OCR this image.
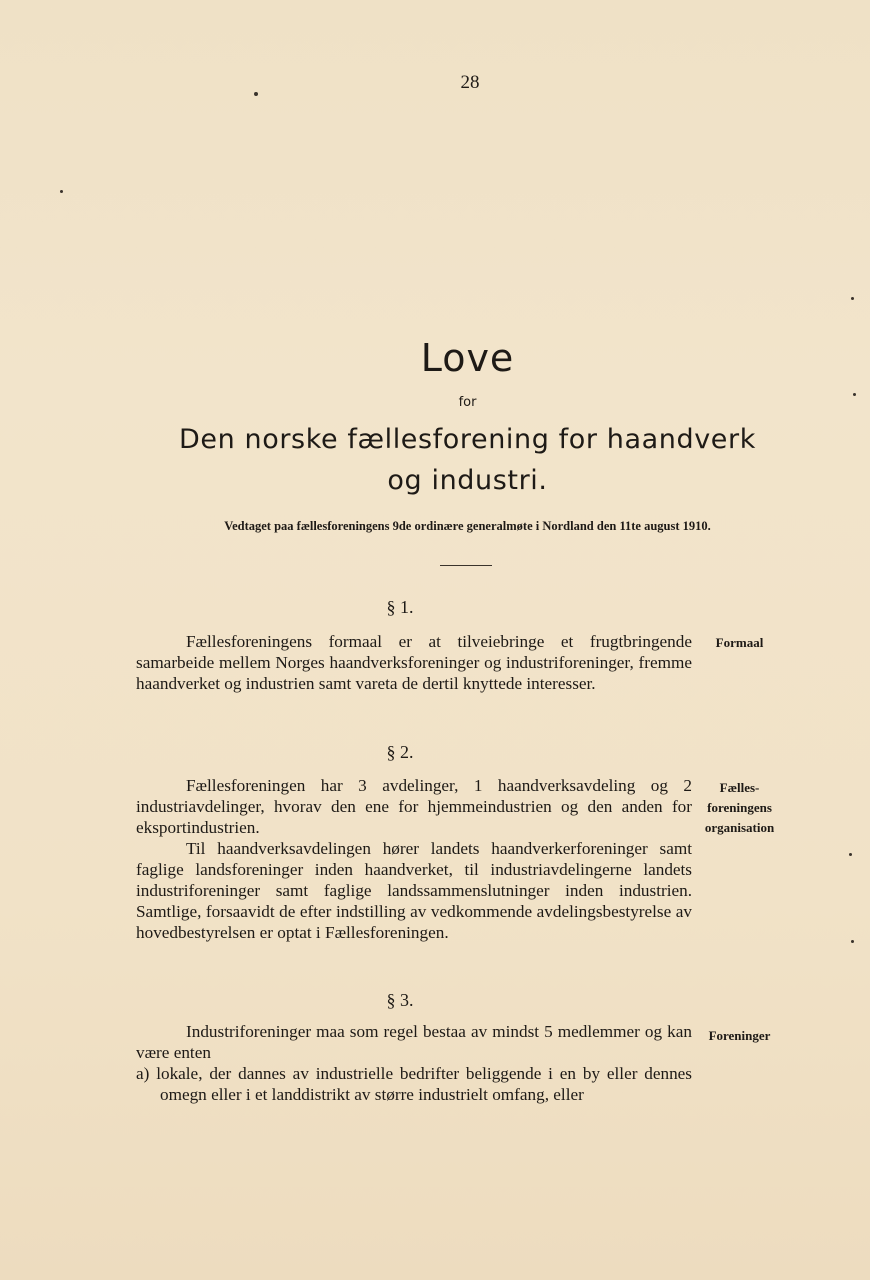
28
Love
for
Den norske fællesforening for haandverk
og industri.
Vedtaget paa fællesforeningens 9de ordinære generalmøte i Nordland den 11te august 1910.
§ 1.

Fællesforeningens formaal er at tilveiebringe et frugtbringende samarbeide mellem Norges haandverksforeninger og industriforeninger, fremme haandverket og industrien samt vareta de dertil knyttede interesser.

Formaal
§ 2.

Fællesforeningen har 3 avdelinger, 1 haandverksavdeling og 2 industriavdelinger, hvorav den ene for hjemmeindustrien og den anden for eksportindustrien.

Til haandverksavdelingen hører landets haandverkerforeninger samt faglige landsforeninger inden haandverket, til industriavdelingerne landets industriforeninger samt faglige landssammenslutninger inden industrien. Samtlige, forsaavidt de efter indstilling av vedkommende avdelingsbestyrelse av hovedbestyrelsen er optat i Fællesforeningen.

Fælles-
foreningens
organisation
§ 3.

Industriforeninger maa som regel bestaa av mindst 5 medlemmer og kan være enten

a) lokale, der dannes av industrielle bedrifter beliggende i en by eller dennes omegn eller i et landdistrikt av større industrielt omfang, eller
Foreninger
